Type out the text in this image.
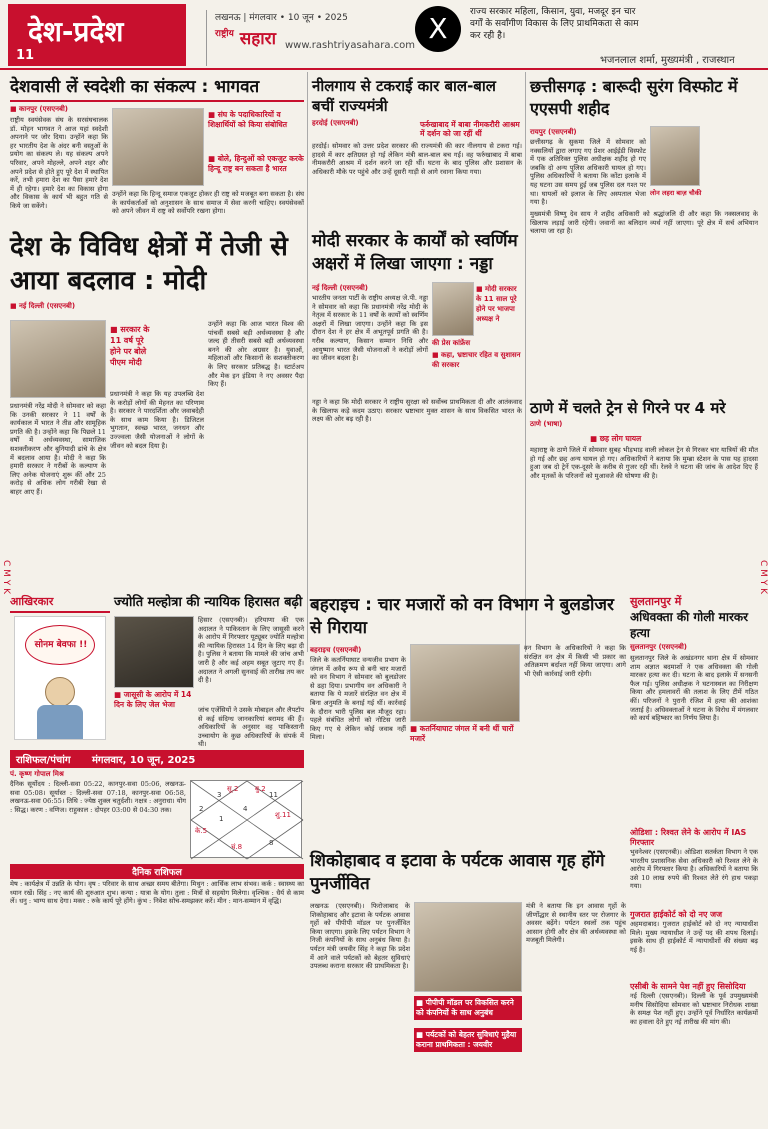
देश-प्रदेश
11
लखनऊ | मंगलवार • 10 जून • 2025
$^{राष्ट्रीय}$ सहारा www.rashtriyasahara.com
X	राज्य सरकार महिला, किसान, युवा, मजदूर इन चार वर्गों के सर्वांगीण विकास के लिए प्राथमिकता से काम कर रही है।
भजनलाल शर्मा, मुख्यमंत्री , राजस्थान
C M Y K	C M Y K
देशवासी लें स्वदेशी का संकल्प : भागवत
■ कानपुर (एसएनबी)
राष्ट्रीय स्वयंसेवक संघ के सरसंघचालक डॉ. मोहन भागवत ने आज यहां स्वदेशी अपनाने पर जोर दिया। उन्होंने कहा कि हर भारतीय देश के अंदर बनी वस्तुओं के प्रयोग का संकल्प ले। यह संकल्प अपने परिवार, अपने मोहल्ले, अपने शहर और अपने प्रदेश से होते हुए पूरे देश में स्थापित करें, तभी हमारा देश का पैसा हमारे देश में ही रहेगा। हमारे देश का विकास होगा और विकास के कार्य भी बहुत गति से किये जा सकेंगे।
■ संघ के पदाधिकारियों व शिक्षार्थियों को किया संबोधित
■ बोले, हिन्दुओं को एकजुट करके हिन्दू राष्ट्र बन सकता है भारत
उन्होंने कहा कि हिन्दू समाज एकजुट होकर ही राष्ट्र को मजबूत बना सकता है। संघ के कार्यकर्ताओं को अनुशासन के साथ समाज में सेवा करनी चाहिए। स्वयंसेवकों को अपने जीवन में राष्ट्र को सर्वोपरि रखना होगा।
नीलगाय से टकराई कार बाल-बाल बचीं राज्यमंत्री
हरदोई (एसएनबी)	फर्रुखाबाद में बाबा नीमकरौरी आश्रम में दर्शन को जा रहीं थीं
हरदोई। सोमवार को उत्तर प्रदेश सरकार की राज्यमंत्री की कार नीलगाय से टकरा गई। हादसे में कार क्षतिग्रस्त हो गई लेकिन मंत्री बाल-बाल बच गईं। वह फर्रुखाबाद में बाबा नीमकरौरी आश्रम में दर्शन करने जा रही थीं। घटना के बाद पुलिस और प्रशासन के अधिकारी मौके पर पहुंचे और उन्हें दूसरी गाड़ी से आगे रवाना किया गया।
छत्तीसगढ़ : बारूदी सुरंग विस्फोट में एएसपी शहीद
लोन लहरा बाज़ चौकी
रायपुर (एसएनबी)
छत्तीसगढ़ के सुकमा जिले में सोमवार को नक्सलियों द्वारा लगाए गए प्रेशर आईईडी विस्फोट में एक अतिरिक्त पुलिस अधीक्षक शहीद हो गए जबकि दो अन्य पुलिस अधिकारी घायल हो गए। पुलिस अधिकारियों ने बताया कि कोंटा इलाके में यह घटना उस समय हुई जब पुलिस दल गश्त पर था। घायलों को इलाज के लिए अस्पताल भेजा गया है।
मुख्यमंत्री विष्णु देव साय ने शहीद अधिकारी को श्रद्धांजलि दी और कहा कि नक्सलवाद के खिलाफ लड़ाई जारी रहेगी। जवानों का बलिदान व्यर्थ नहीं जाएगा। पूरे क्षेत्र में सर्च अभियान चलाया जा रहा है।
देश के विविध क्षेत्रों में तेजी से आया बदलाव : मोदी
■ नई दिल्ली (एसएनबी)
■ सरकार के 11 वर्ष पूरे होने पर बोले पीएम मोदी
प्रधानमंत्री नरेंद्र मोदी ने सोमवार को कहा कि उनकी सरकार ने 11 वर्षों के कार्यकाल में भारत ने तीव्र और सामूहिक प्रगति की है। उन्होंने कहा कि पिछले 11 वर्षों में अर्थव्यवस्था, सामाजिक सशक्तीकरण और बुनियादी ढांचे के क्षेत्र में बदलाव आया है। मोदी ने कहा कि हमारी सरकार ने गरीबों के कल्याण के लिए अनेक योजनाएं शुरू कीं और 25 करोड़ से अधिक लोग गरीबी रेखा से बाहर आए हैं।
प्रधानमंत्री ने कहा कि यह उपलब्धि देश के करोड़ों लोगों की मेहनत का परिणाम है। सरकार ने पारदर्शिता और जवाबदेही के साथ काम किया है। डिजिटल भुगतान, स्वच्छ भारत, जनधन और उज्ज्वला जैसी योजनाओं ने लोगों के जीवन को बदल दिया है।
उन्होंने कहा कि आज भारत विश्व की पांचवीं सबसे बड़ी अर्थव्यवस्था है और जल्द ही तीसरी सबसे बड़ी अर्थव्यवस्था बनने की ओर अग्रसर है। युवाओं, महिलाओं और किसानों के सशक्तीकरण के लिए सरकार प्रतिबद्ध है। स्टार्टअप और मेक इन इंडिया ने नए अवसर पैदा किए हैं।
मोदी सरकार के कार्यों को स्वर्णिम अक्षरों में लिखा जाएगा : नड्डा
नई दिल्ली (एसएनबी)	■ मोदी सरकार के 11 साल पूरे होने पर भाजपा अध्यक्ष ने
की प्रेस कांफ्रेंस
■ कहा, भ्रष्टाचार रहित व सुशासन की सरकार
भारतीय जनता पार्टी के राष्ट्रीय अध्यक्ष जे.पी. नड्डा ने सोमवार को कहा कि प्रधानमंत्री नरेंद्र मोदी के नेतृत्व में सरकार के 11 वर्षों के कार्यों को स्वर्णिम अक्षरों में लिखा जाएगा। उन्होंने कहा कि इस दौरान देश ने हर क्षेत्र में अभूतपूर्व प्रगति की है। गरीब कल्याण, किसान सम्मान निधि और आयुष्मान भारत जैसी योजनाओं ने करोड़ों लोगों का जीवन बदला है।
नड्डा ने कहा कि मोदी सरकार ने राष्ट्रीय सुरक्षा को सर्वोच्च प्राथमिकता दी और आतंकवाद के खिलाफ कड़े कदम उठाए। सरकार भ्रष्टाचार मुक्त शासन के साथ विकसित भारत के लक्ष्य की ओर बढ़ रही है।
ठाणे में चलते ट्रेन से गिरने पर 4 मरे
ठाणे (भाषा)
■ छह लोग घायल
महाराष्ट्र के ठाणे जिले में सोमवार सुबह भीड़भाड़ वाली लोकल ट्रेन से गिरकर चार यात्रियों की मौत हो गई और छह अन्य घायल हो गए। अधिकारियों ने बताया कि मुम्ब्रा स्टेशन के पास यह हादसा हुआ जब दो ट्रेनें एक-दूसरे के करीब से गुजर रही थीं। रेलवे ने घटना की जांच के आदेश दिए हैं और मृतकों के परिजनों को मुआवजे की घोषणा की है।
आखिरकार
सोनम बेवफा !!
ज्योति मल्होत्रा की न्यायिक हिरासत बढ़ी
■ जासूसी के आरोप में 14 दिन के लिए जेल भेजा
हिसार (एसएनबी)। हरियाणा की एक अदालत ने पाकिस्तान के लिए जासूसी करने के आरोप में गिरफ्तार यूट्यूबर ज्योति मल्होत्रा की न्यायिक हिरासत 14 दिन के लिए बढ़ा दी है। पुलिस ने बताया कि मामले की जांच अभी जारी है और कई अहम सबूत जुटाए गए हैं। अदालत ने अगली सुनवाई की तारीख तय कर दी है।
जांच एजेंसियों ने उसके मोबाइल और लैपटॉप से कई संदिग्ध जानकारियां बरामद की हैं। अधिकारियों के अनुसार वह पाकिस्तानी उच्चायोग के कुछ अधिकारियों के संपर्क में थी।
बहराइच : चार मजारों को वन विभाग ने बुलडोजर से गिराया
बहराइच (एसएनबी)
जिले के कतर्नियाघाट वन्यजीव प्रभाग के जंगल में अवैध रूप से बनी चार मजारों को वन विभाग ने सोमवार को बुलडोजर से ढहा दिया। प्रभागीय वन अधिकारी ने बताया कि ये मजारें संरक्षित वन क्षेत्र में बिना अनुमति के बनाई गई थीं। कार्रवाई के दौरान भारी पुलिस बल मौजूद रहा। पहले संबंधित लोगों को नोटिस जारी किए गए थे लेकिन कोई जवाब नहीं मिला।
■ कतर्नियाघाट जंगल में बनी थीं चारों मजारें
वन विभाग के अधिकारियों ने कहा कि संरक्षित वन क्षेत्र में किसी भी प्रकार का अतिक्रमण बर्दाश्त नहीं किया जाएगा। आगे भी ऐसी कार्रवाई जारी रहेगी।
सुलतानपुर में
अधिवक्ता की गोली मारकर हत्या
सुलतानपुर (एसएनबी)
सुलतानपुर जिले के अखंडनगर थाना क्षेत्र में सोमवार शाम अज्ञात बदमाशों ने एक अधिवक्ता की गोली मारकर हत्या कर दी। घटना के बाद इलाके में सनसनी फैल गई। पुलिस अधीक्षक ने घटनास्थल का निरीक्षण किया और हमलावरों की तलाश के लिए टीमें गठित कीं। परिजनों ने पुरानी रंजिश में हत्या की आशंका जताई है। अधिवक्ताओं ने घटना के विरोध में मंगलवार को कार्य बहिष्कार का निर्णय लिया है।
राशिफल/पंचांग मंगलवार, 10 जून, 2025
पं. कृष्ण गोपाल मिश्र
4
3
2
1
11
8
सू.2 बु.2
के.5
शु.11
चं.8
दैनिक सूर्योदय : दिल्ली-सवा 05:22, कानपुर-सवा 05:06, लखनऊ-सवा 05:08। सूर्यास्त : दिल्ली-सवा 07:18, कानपुर-सवा 06:58, लखनऊ-सवा 06:55। तिथि : ज्येष्ठ शुक्ल चतुर्दशी। नक्षत्र : अनुराधा। योग : सिद्ध। करण : वणिज। राहुकाल : दोपहर 03:00 से 04:30 तक।
दैनिक राशिफल
मेष : कार्यक्षेत्र में उन्नति के योग। वृष : परिवार के साथ अच्छा समय बीतेगा। मिथुन : आर्थिक लाभ संभव। कर्क : स्वास्थ्य का ध्यान रखें। सिंह : नए कार्य की शुरुआत शुभ। कन्या : यात्रा के योग। तुला : मित्रों से सहयोग मिलेगा। वृश्चिक : धैर्य से काम लें। धनु : भाग्य साथ देगा। मकर : रुके कार्य पूरे होंगे। कुंभ : निवेश सोच-समझकर करें। मीन : मान-सम्मान में वृद्धि।
शिकोहाबाद व इटावा के पर्यटक आवास गृह होंगे पुनर्जीवित
लखनऊ (एसएनबी)। फिरोजाबाद के शिकोहाबाद और इटावा के पर्यटक आवास गृहों को पीपीपी मॉडल पर पुनर्जीवित किया जाएगा। इसके लिए पर्यटन विभाग ने निजी कंपनियों के साथ अनुबंध किया है। पर्यटन मंत्री जयवीर सिंह ने कहा कि प्रदेश में आने वाले पर्यटकों को बेहतर सुविधाएं उपलब्ध कराना सरकार की प्राथमिकता है।
■ पीपीपी मॉडल पर विकसित करने को कंपनियों के साथ अनुबंध
■ पर्यटकों को बेहतर सुविधाएं मुहैया कराना प्राथमिकता : जयवीर
मंत्री ने बताया कि इन आवास गृहों के जीर्णोद्धार से स्थानीय स्तर पर रोजगार के अवसर बढ़ेंगे। पर्यटन स्थलों तक पहुंच आसान होगी और क्षेत्र की अर्थव्यवस्था को मजबूती मिलेगी।
ओडिशा : रिश्वत लेने के आरोप में IAS गिरफ्तार
भुवनेश्वर (एसएनबी)। ओडिशा सतर्कता विभाग ने एक भारतीय प्रशासनिक सेवा अधिकारी को रिश्वत लेने के आरोप में गिरफ्तार किया है। अधिकारियों ने बताया कि उसे 10 लाख रुपये की रिश्वत लेते रंगे हाथ पकड़ा गया।
गुजरात हाईकोर्ट को दो नए जज
अहमदाबाद। गुजरात हाईकोर्ट को दो नए न्यायाधीश मिले। मुख्य न्यायाधीश ने उन्हें पद की शपथ दिलाई। इसके साथ ही हाईकोर्ट में न्यायाधीशों की संख्या बढ़ गई है।
एसीबी के सामने पेश नहीं हुए सिसोदिया
नई दिल्ली (एसएनबी)। दिल्ली के पूर्व उपमुख्यमंत्री मनीष सिसोदिया सोमवार को भ्रष्टाचार निरोधक शाखा के समक्ष पेश नहीं हुए। उन्होंने पूर्व निर्धारित कार्यक्रमों का हवाला देते हुए नई तारीख की मांग की।
